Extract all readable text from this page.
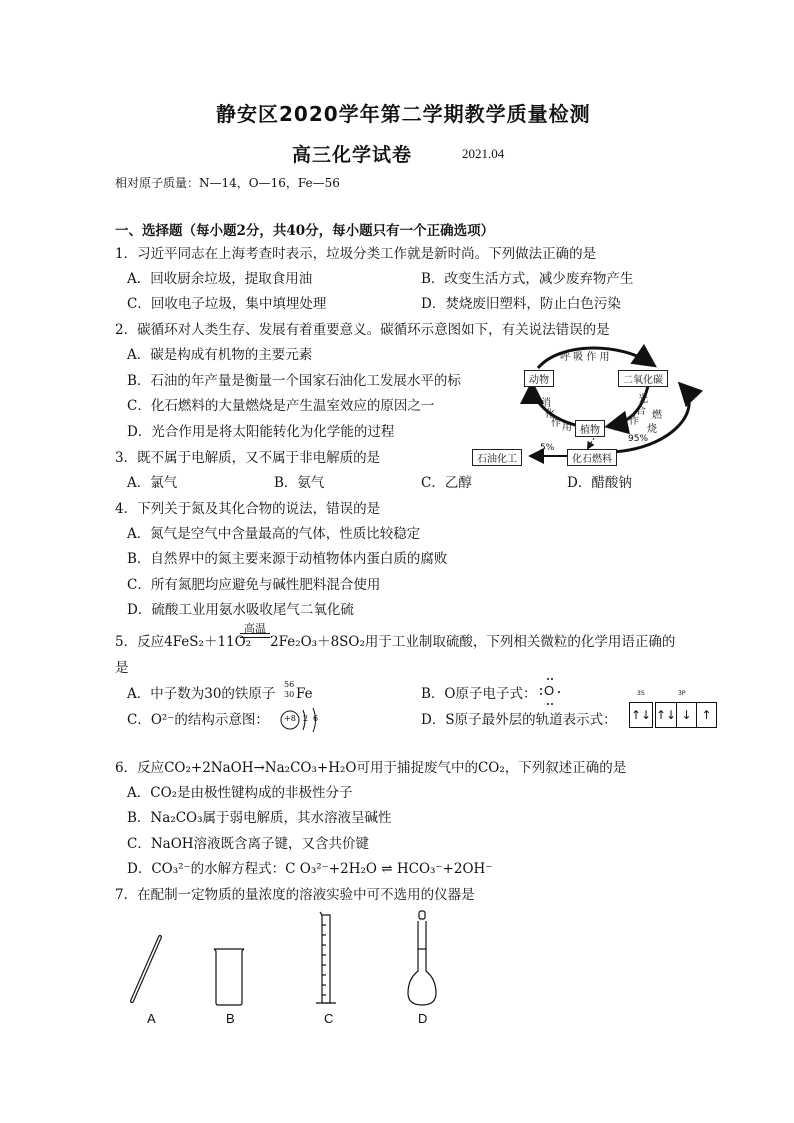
静安区2020学年第二学期教学质量检测
高三化学试卷	2021.04
相对原子质量：N—14，O—16，Fe—56
一、选择题（每小题2分，共40分，每小题只有一个正确选项）
1．习近平同志在上海考查时表示，垃圾分类工作就是新时尚。下列做法正确的是
A．回收厨余垃圾，提取食用油	B．改变生活方式，减少废弃物产生
C．回收电子垃圾，集中填埋处理	D．焚烧废旧塑料，防止白色污染
2．碳循环对人类生存、发展有着重要意义。碳循环示意图如下，有关说法错误的是
A．碳是构成有机物的主要元素
B．石油的年产量是衡量一个国家石油化工发展水平的标
C．化石燃料的大量燃烧是产生温室效应的原因之一
D．光合作用是将太阳能转化为化学能的过程
动物	二氧化碳
植物
化石燃料
石油化工
呼 吸 作 用
消
化
作 用
光
合
作
用
燃
烧
95%
5%
3．既不属于电解质，又不属于非电解质的是
A．氯气	B．氨气	C．乙醇	D．醋酸钠
4．下列关于氮及其化合物的说法，错误的是
A．氮气是空气中含量最高的气体，性质比较稳定
B．自然界中的氮主要来源于动植物体内蛋白质的腐败
C．所有氮肥均应避免与碱性肥料混合使用
D．硫酸工业用氨水吸收尾气二氧化硫
5．反应4FeS₂＋11O₂
高温
2Fe₂O₃＋8SO₂用于工业制取硫酸，下列相关微粒的化学用语正确的
是
A．中子数为30的铁原子
56
30 Fe	B．O原子电子式： O
C．O²⁻的结构示意图： +8 2 6	D．S原子最外层的轨道表示式：
3S	3P
↑↓ ↑↓ ↓ ↑
6．反应CO₂+2NaOH→Na₂CO₃+H₂O可用于捕捉废气中的CO₂，下列叙述正确的是
A．CO₂是由极性键构成的非极性分子
B．Na₂CO₃属于弱电解质，其水溶液呈碱性
C．NaOH溶液既含离子键，又含共价键
D．CO₃²⁻的水解方程式：C O₃²⁻+2H₂O ⇌ HCO₃⁻+2OH⁻
7．在配制一定物质的量浓度的溶液实验中可不选用的仪器是
A	B	C	D
